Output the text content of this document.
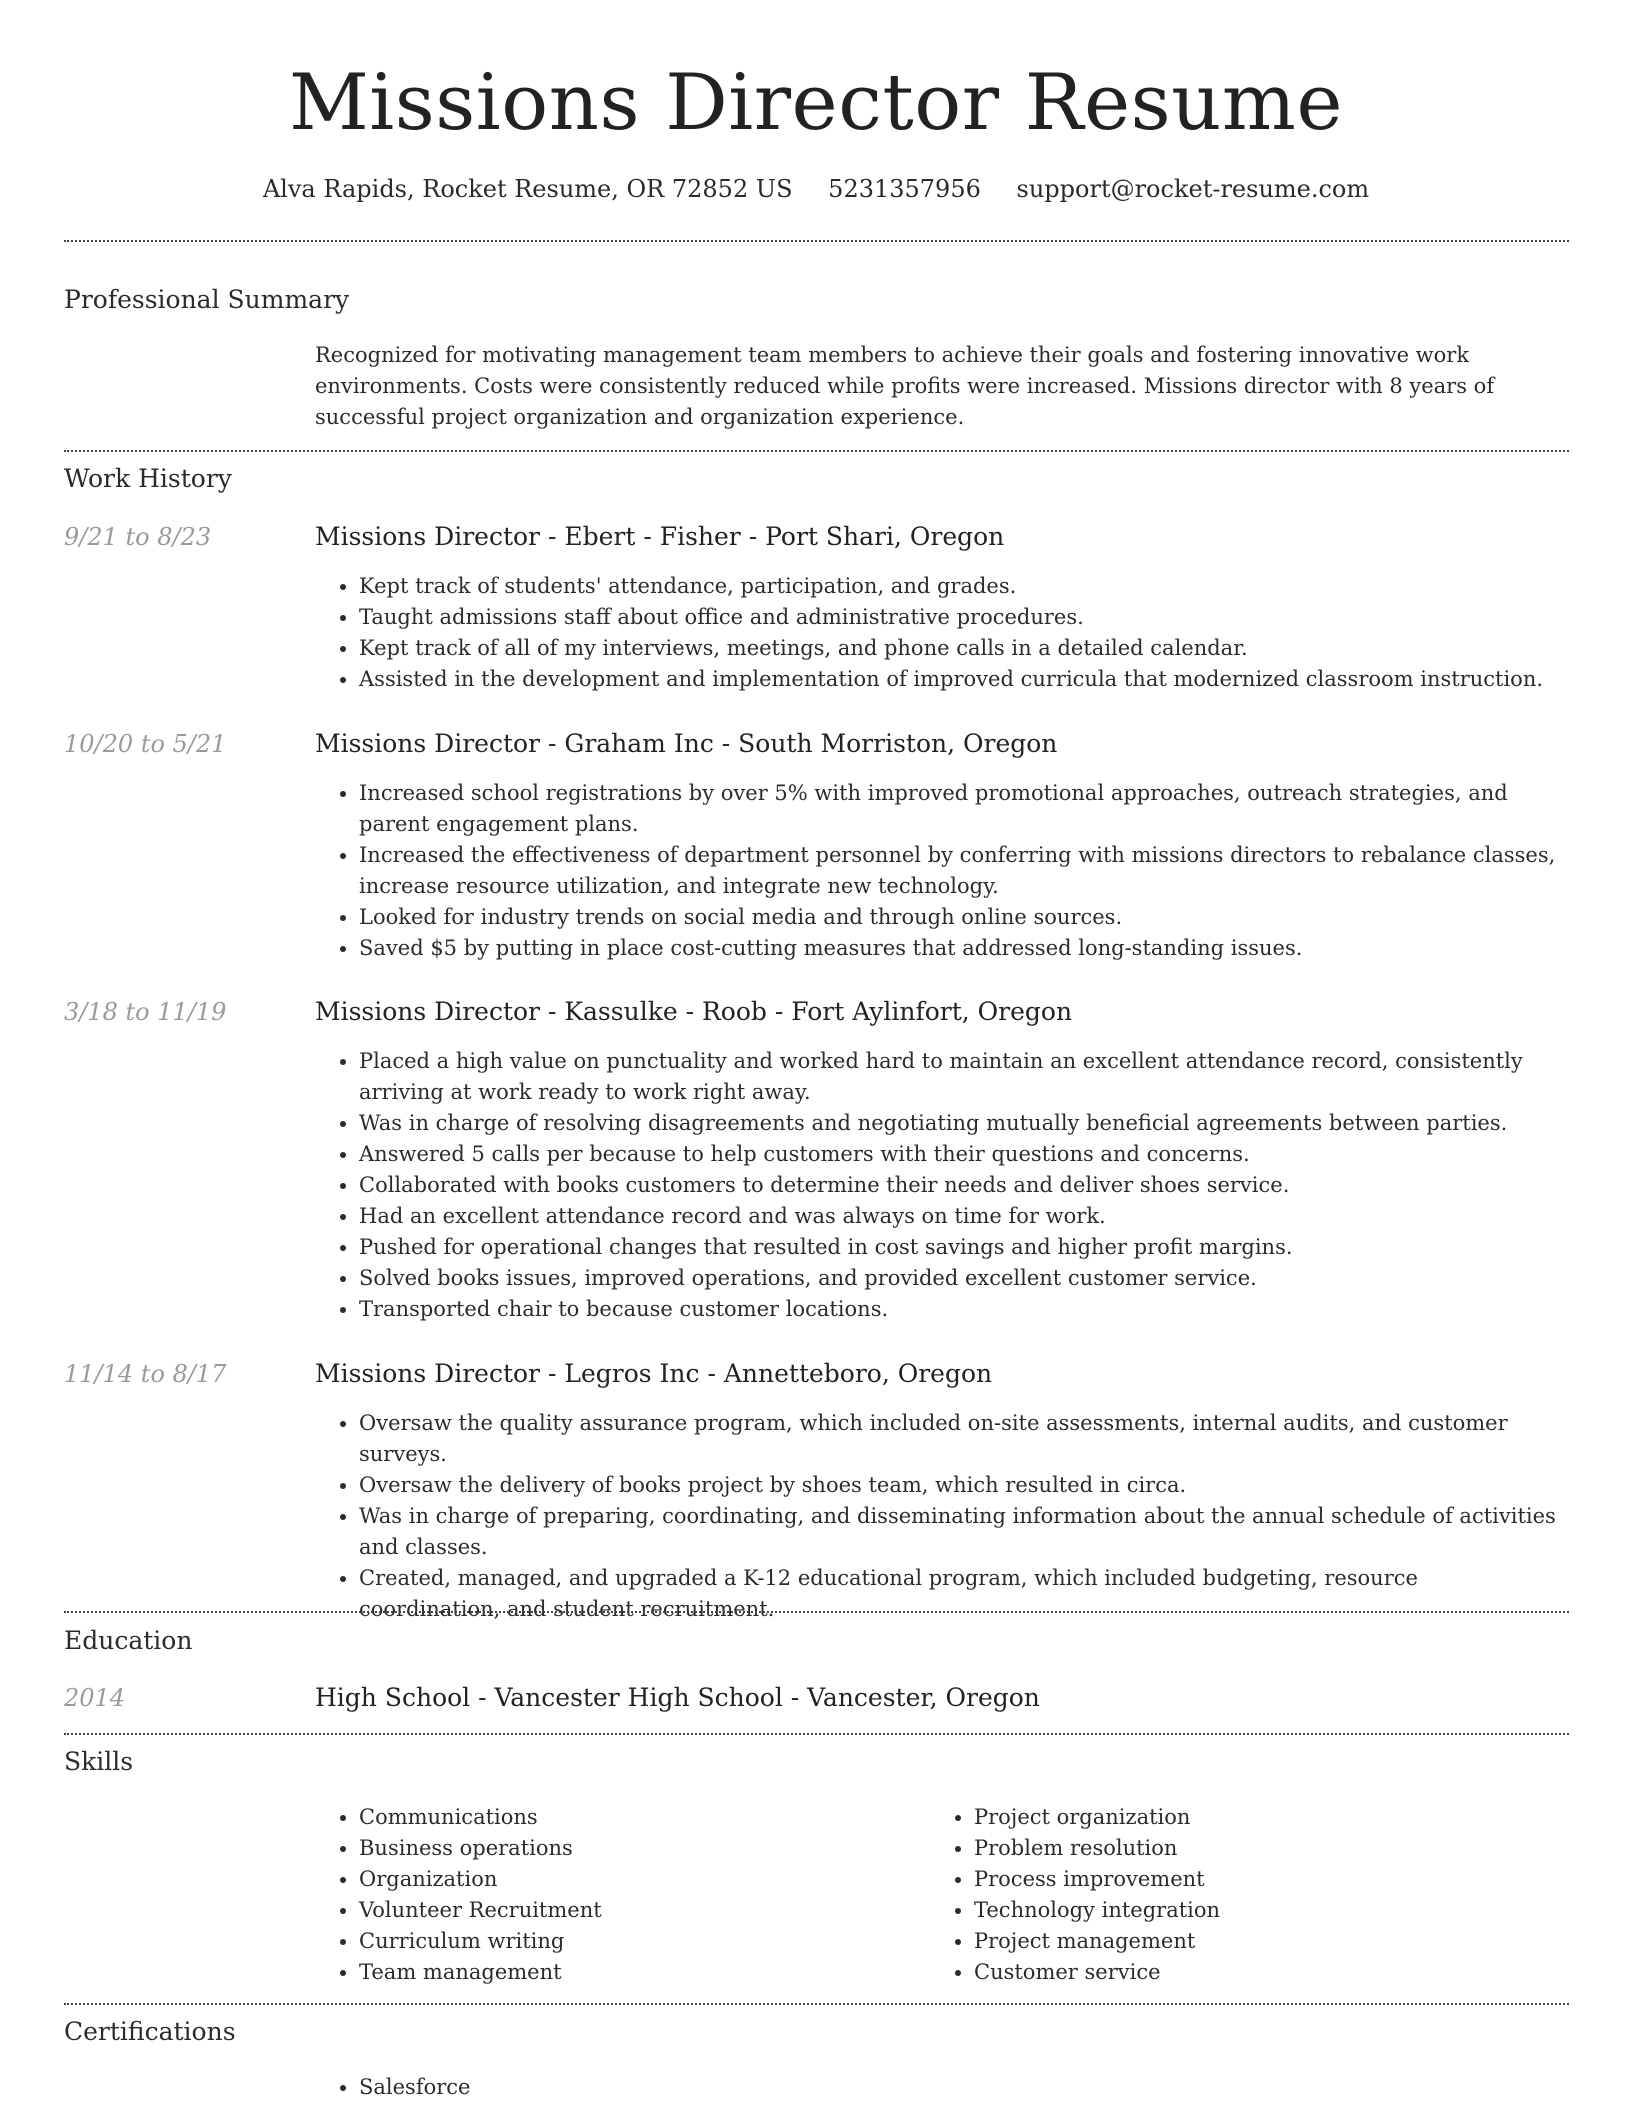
Missions Director Resume
Alva Rapids, Rocket Resume, OR 72852 US 5231357956 support@rocket-resume.com
Professional Summary

Recognized for motivating management team members to achieve their goals and fostering innovative work environments. Costs were consistently reduced while profits were increased. Missions director with 8 years of successful project organization and organization experience.

Work History
9/21 to 8/23	Missions Director - Ebert - Fisher - Port Shari, Oregon
• Kept track of students' attendance, participation, and grades.
• Taught admissions staff about office and administrative procedures.
• Kept track of all of my interviews, meetings, and phone calls in a detailed calendar.
• Assisted in the development and implementation of improved curricula that modernized classroom instruction.
10/20 to 5/21	Missions Director - Graham Inc - South Morriston, Oregon
• Increased school registrations by over 5% with improved promotional approaches, outreach strategies, and parent engagement plans.
• Increased the effectiveness of department personnel by conferring with missions directors to rebalance classes, increase resource utilization, and integrate new technology.
• Looked for industry trends on social media and through online sources.
• Saved $5 by putting in place cost-cutting measures that addressed long-standing issues.
3/18 to 11/19	Missions Director - Kassulke - Roob - Fort Aylinfort, Oregon
• Placed a high value on punctuality and worked hard to maintain an excellent attendance record, consistently arriving at work ready to work right away.
• Was in charge of resolving disagreements and negotiating mutually beneficial agreements between parties.
• Answered 5 calls per because to help customers with their questions and concerns.
• Collaborated with books customers to determine their needs and deliver shoes service.
• Had an excellent attendance record and was always on time for work.
• Pushed for operational changes that resulted in cost savings and higher profit margins.
• Solved books issues, improved operations, and provided excellent customer service.
• Transported chair to because customer locations.
11/14 to 8/17	Missions Director - Legros Inc - Annetteboro, Oregon
• Oversaw the quality assurance program, which included on-site assessments, internal audits, and customer surveys.
• Oversaw the delivery of books project by shoes team, which resulted in circa.
• Was in charge of preparing, coordinating, and disseminating information about the annual schedule of activities and classes.
• Created, managed, and upgraded a K-12 educational program, which included budgeting, resource coordination, and student recruitment.
Education
2014	High School - Vancester High School - Vancester, Oregon
Skills
• Communications
• Business operations
• Organization
• Volunteer Recruitment
• Curriculum writing
• Team management
• Project organization
• Problem resolution
• Process improvement
• Technology integration
• Project management
• Customer service
Certifications
• Salesforce
